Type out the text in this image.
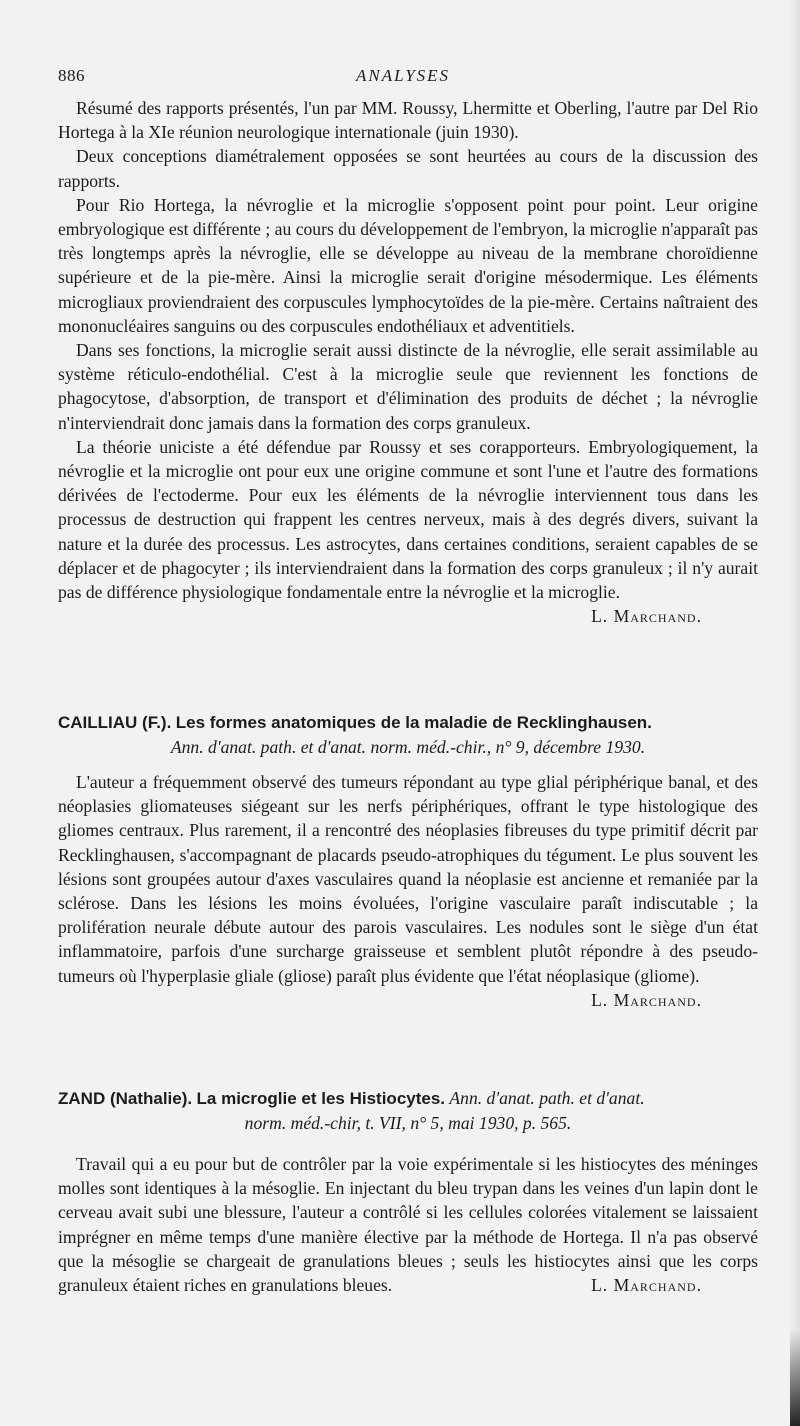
886	ANALYSES

Résumé des rapports présentés, l'un par MM. Roussy, Lhermitte et Oberling, l'autre par Del Rio Hortega à la XIe réunion neurologique internationale (juin 1930).

Deux conceptions diamétralement opposées se sont heurtées au cours de la discussion des rapports.

Pour Rio Hortega, la névroglie et la microglie s'opposent point pour point. Leur origine embryologique est différente ; au cours du développement de l'embryon, la microglie n'apparaît pas très longtemps après la névroglie, elle se développe au niveau de la membrane choroïdienne supérieure et de la pie-mère. Ainsi la microglie serait d'origine mésodermique. Les éléments microgliaux proviendraient des corpuscules lymphocytoïdes de la pie-mère. Certains naîtraient des mononucléaires sanguins ou des corpuscules endothéliaux et adventitiels.

Dans ses fonctions, la microglie serait aussi distincte de la névroglie, elle serait assimilable au système réticulo-endothélial. C'est à la microglie seule que reviennent les fonctions de phagocytose, d'absorption, de transport et d'élimination des produits de déchet ; la névroglie n'interviendrait donc jamais dans la formation des corps granuleux.

La théorie uniciste a été défendue par Roussy et ses corapporteurs. Embryologiquement, la névroglie et la microglie ont pour eux une origine commune et sont l'une et l'autre des formations dérivées de l'ectoderme. Pour eux les éléments de la névroglie interviennent tous dans les processus de destruction qui frappent les centres nerveux, mais à des degrés divers, suivant la nature et la durée des processus. Les astrocytes, dans certaines conditions, seraient capables de se déplacer et de phagocyter ; ils interviendraient dans la formation des corps granuleux ; il n'y aurait pas de différence physiologique fondamentale entre la névroglie et la microglie.
L. Marchand.

CAILLIAU (F.). Les formes anatomiques de la maladie de Recklinghausen.
Ann. d'anat. path. et d'anat. norm. méd.-chir., n° 9, décembre 1930.

L'auteur a fréquemment observé des tumeurs répondant au type glial périphérique banal, et des néoplasies gliomateuses siégeant sur les nerfs périphériques, offrant le type histologique des gliomes centraux. Plus rarement, il a rencontré des néoplasies fibreuses du type primitif décrit par Recklinghausen, s'accompagnant de placards pseudo-atrophiques du tégument. Le plus souvent les lésions sont groupées autour d'axes vasculaires quand la néoplasie est ancienne et remaniée par la sclérose. Dans les lésions les moins évoluées, l'origine vasculaire paraît indiscutable ; la prolifération neurale débute autour des parois vasculaires. Les nodules sont le siège d'un état inflammatoire, parfois d'une surcharge graisseuse et semblent plutôt répondre à des pseudo-tumeurs où l'hyperplasie gliale (gliose) paraît plus évidente que l'état néoplasique (gliome).
L. Marchand.

ZAND (Nathalie). La microglie et les Histiocytes. Ann. d'anat. path. et d'anat.
norm. méd.-chir, t. VII, n° 5, mai 1930, p. 565.

Travail qui a eu pour but de contrôler par la voie expérimentale si les histiocytes des méninges molles sont identiques à la mésoglie. En injectant du bleu trypan dans les veines d'un lapin dont le cerveau avait subi une blessure, l'auteur a contrôlé si les cellules colorées vitalement se laissaient imprégner en même temps d'une manière élective par la méthode de Hortega. Il n'a pas observé que la mésoglie se chargeait de granulations bleues ; seuls les histiocytes ainsi que les corps granuleux étaient riches en granulations bleues.	L. Marchand.
